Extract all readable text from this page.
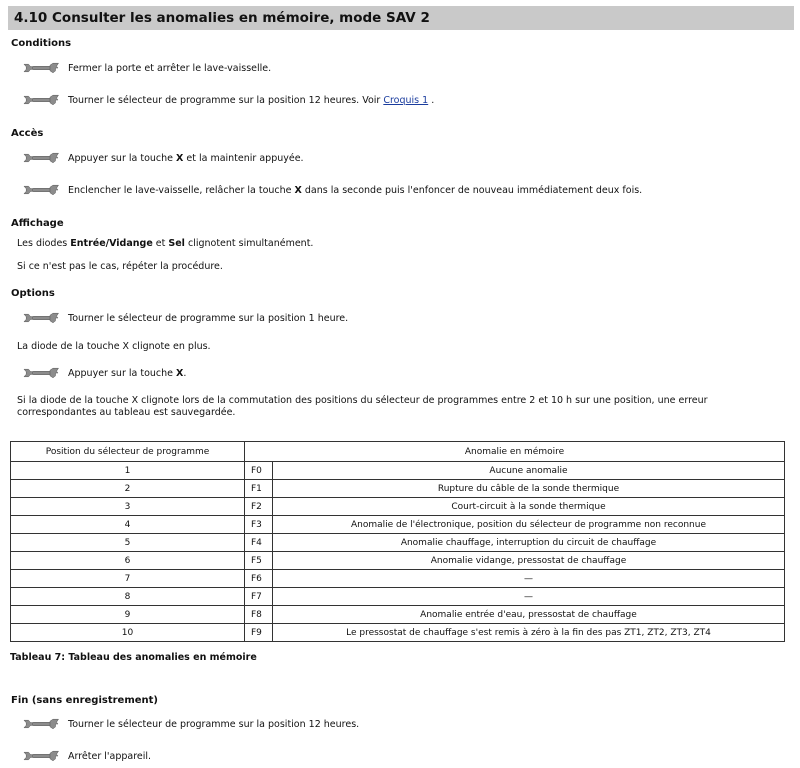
4.10 Consulter les anomalies en mémoire, mode SAV 2
Conditions
Fermer la porte et arrêter le lave-vaisselle.
Tourner le sélecteur de programme sur la position 12 heures. Voir Croquis 1 .
Accès
Appuyer sur la touche X et la maintenir appuyée.
Enclencher le lave-vaisselle, relâcher la touche X dans la seconde puis l'enfoncer de nouveau immédiatement deux fois.
Affichage
Les diodes Entrée/Vidange et Sel clignotent simultanément.
Si ce n'est pas le cas, répéter la procédure.
Options
Tourner le sélecteur de programme sur la position 1 heure.
La diode de la touche X clignote en plus.
Appuyer sur la touche X.
Si la diode de la touche X clignote lors de la commutation des positions du sélecteur de programmes entre 2 et 10 h sur une position, une erreur correspondantes au tableau est sauvegardée.
Position du sélecteur de programme	Anomalie en mémoire	
1	F0	Aucune anomalie
2	F1	Rupture du câble de la sonde thermique
3	F2	Court-circuit à la sonde thermique
4	F3	Anomalie de l'électronique, position du sélecteur de programme non reconnue
5	F4	Anomalie chauffage, interruption du circuit de chauffage
6	F5	Anomalie vidange, pressostat de chauffage
7	F6	—
8	F7	—
9	F8	Anomalie entrée d'eau, pressostat de chauffage
10	F9	Le pressostat de chauffage s'est remis à zéro à la fin des pas ZT1, ZT2, ZT3, ZT4
Tableau 7: Tableau des anomalies en mémoire
Fin (sans enregistrement)
Tourner le sélecteur de programme sur la position 12 heures.
Arrêter l'appareil.
